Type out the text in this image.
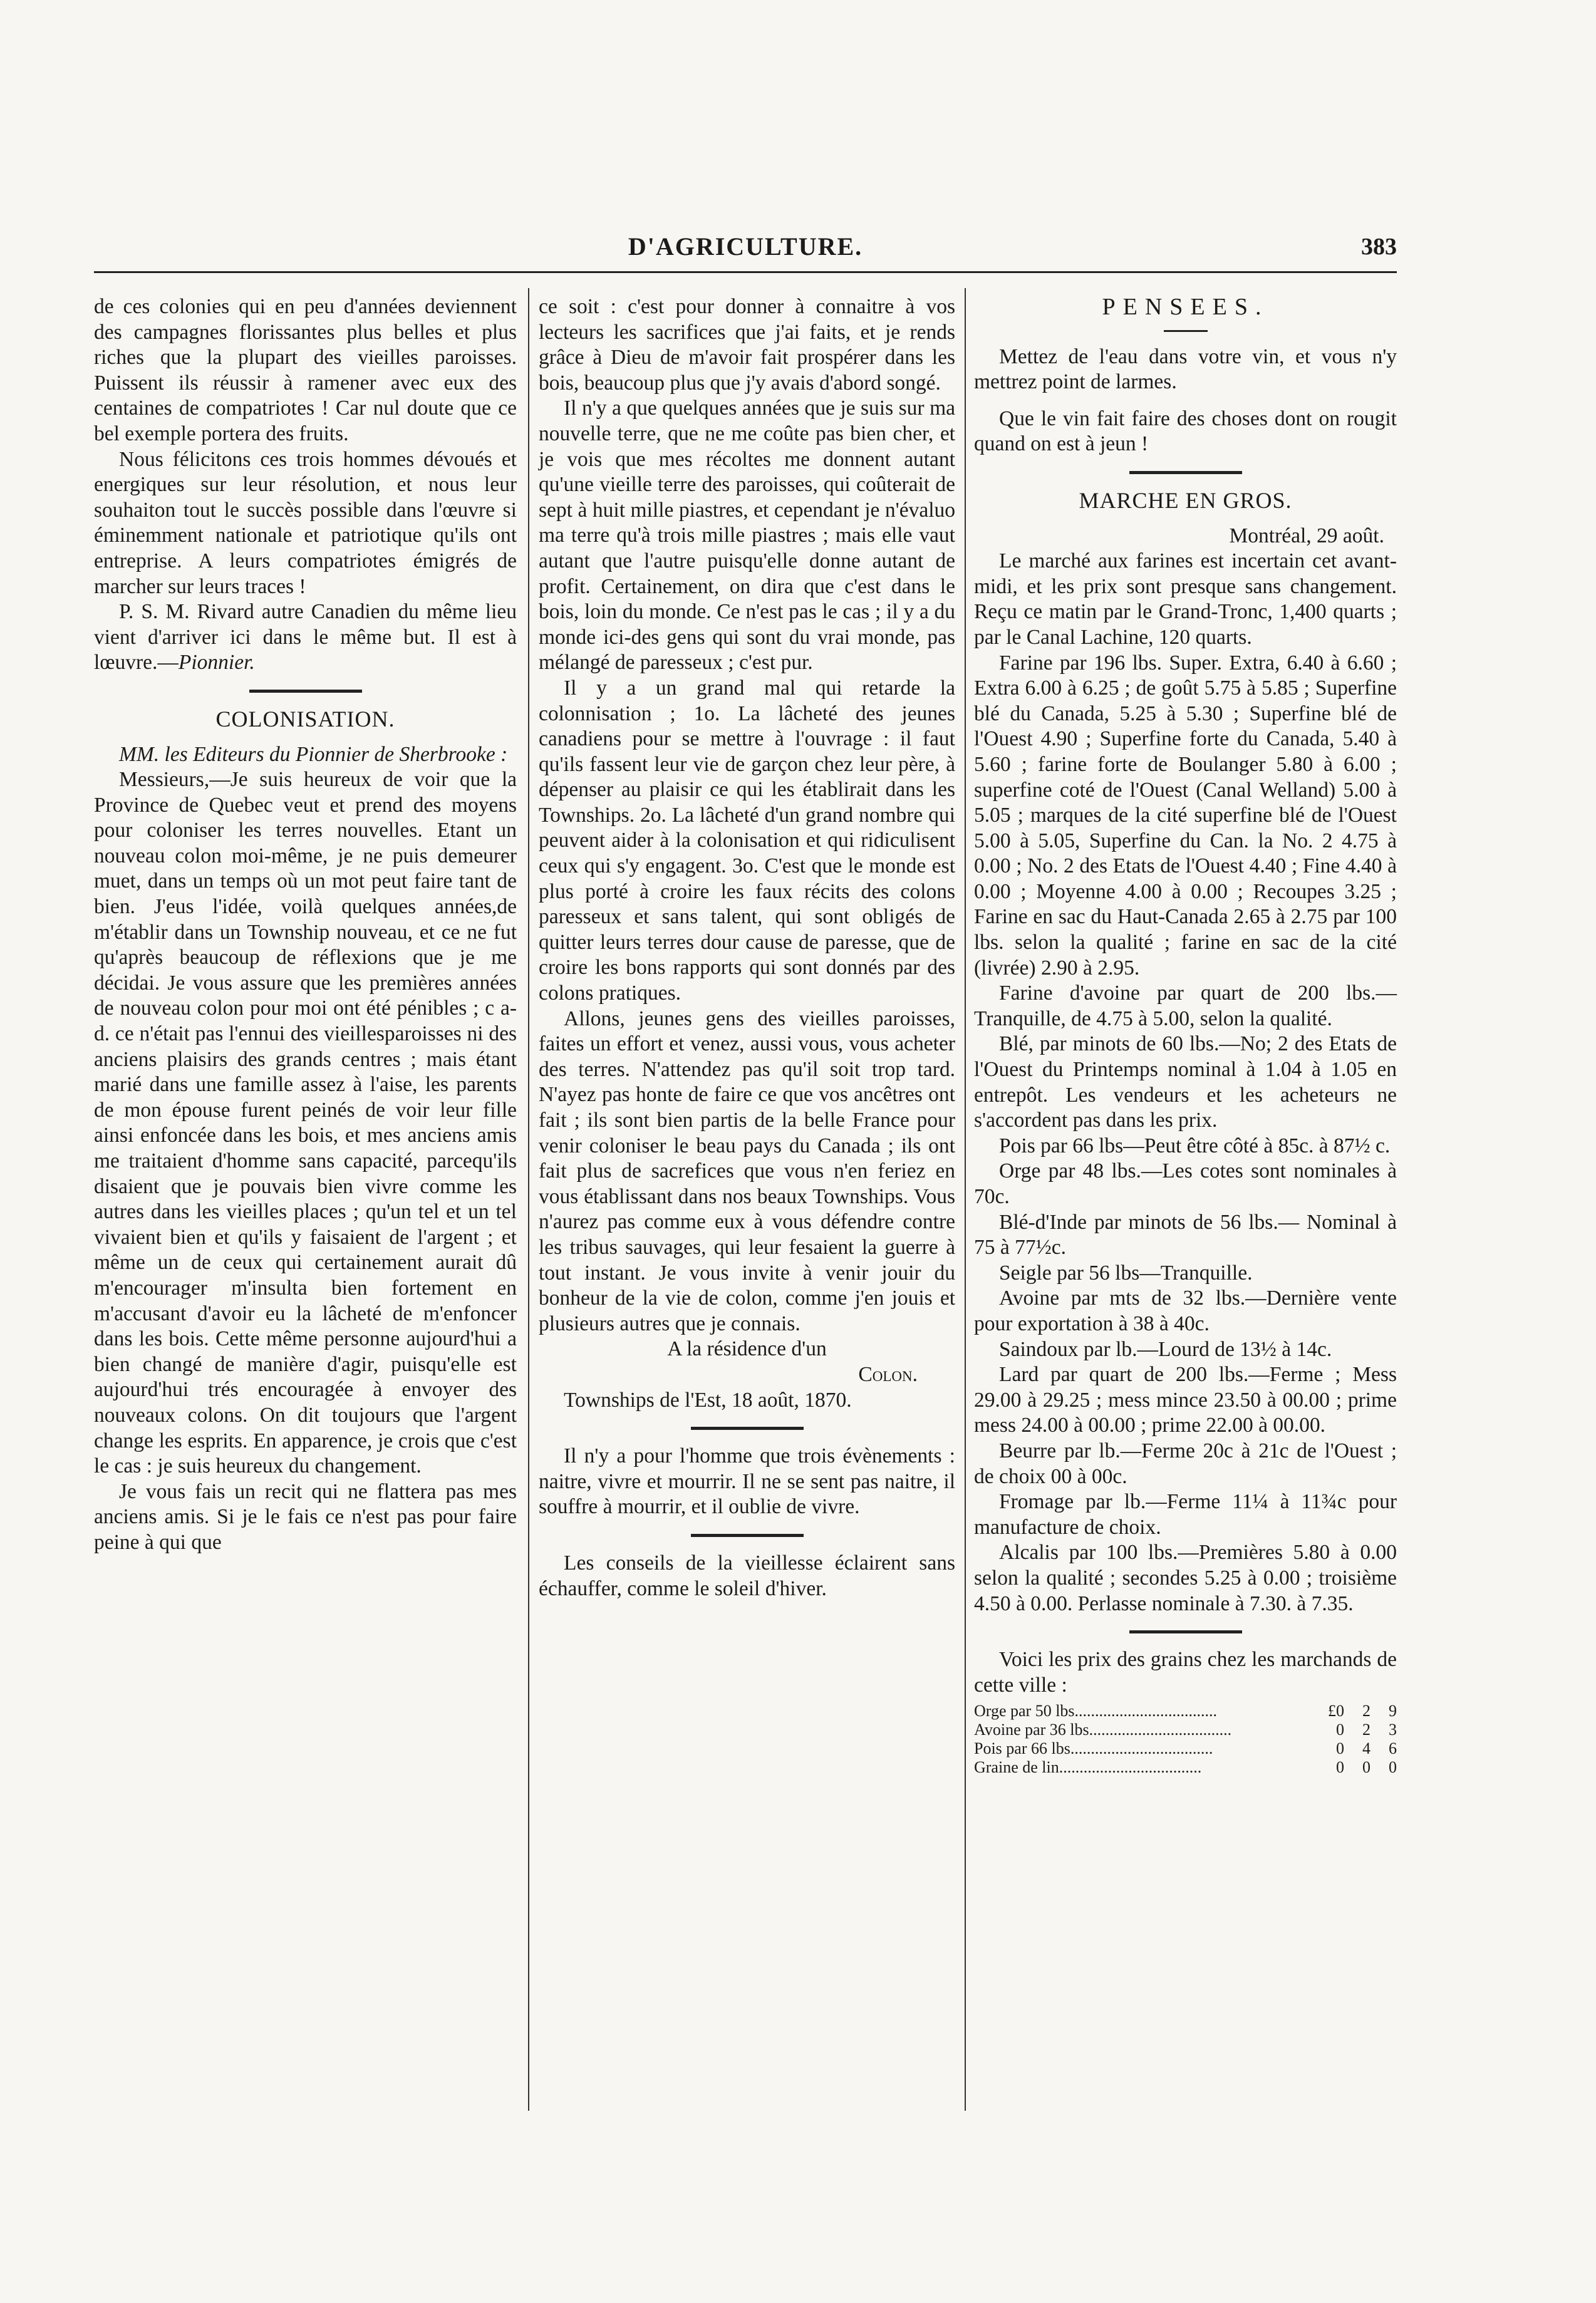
D'AGRICULTURE.	383

de ces colonies qui en peu d'années deviennent des campagnes florissantes plus belles et plus riches que la plupart des vieilles paroisses. Puissent ils réussir à ramener avec eux des centaines de compatriotes ! Car nul doute que ce bel exemple portera des fruits.

Nous félicitons ces trois hommes dévoués et energiques sur leur résolution, et nous leur souhaiton tout le succès possible dans l'œuvre si éminemment nationale et patriotique qu'ils ont entreprise. A leurs compatriotes émigrés de marcher sur leurs traces !

P. S. M. Rivard autre Canadien du même lieu vient d'arriver ici dans le même but. Il est à lœuvre.—Pionnier.

COLONISATION.

MM. les Editeurs du Pionnier de Sherbrooke :

Messieurs,—Je suis heureux de voir que la Province de Quebec veut et prend des moyens pour coloniser les terres nouvelles. Etant un nouveau colon moi-même, je ne puis demeurer muet, dans un temps où un mot peut faire tant de bien. J'eus l'idée, voilà quelques années,de m'établir dans un Township nouveau, et ce ne fut qu'après beaucoup de réflexions que je me décidai. Je vous assure que les premières années de nouveau colon pour moi ont été pénibles ; c a-d. ce n'était pas l'ennui des vieillesparoisses ni des anciens plaisirs des grands centres ; mais étant marié dans une famille assez à l'aise, les parents de mon épouse furent peinés de voir leur fille ainsi enfoncée dans les bois, et mes anciens amis me traitaient d'homme sans capacité, parcequ'ils disaient que je pouvais bien vivre comme les autres dans les vieilles places ; qu'un tel et un tel vivaient bien et qu'ils y faisaient de l'argent ; et même un de ceux qui certainement aurait dû m'encourager m'insulta bien fortement en m'accusant d'avoir eu la lâcheté de m'enfoncer dans les bois. Cette même personne aujourd'hui a bien changé de manière d'agir, puisqu'elle est aujourd'hui trés encouragée à envoyer des nouveaux colons. On dit toujours que l'argent change les esprits. En apparence, je crois que c'est le cas : je suis heureux du changement.

Je vous fais un recit qui ne flattera pas mes anciens amis. Si je le fais ce n'est pas pour faire peine à qui que

ce soit : c'est pour donner à connaitre à vos lecteurs les sacrifices que j'ai faits, et je rends grâce à Dieu de m'avoir fait prospérer dans les bois, beaucoup plus que j'y avais d'abord songé.

Il n'y a que quelques années que je suis sur ma nouvelle terre, que ne me coûte pas bien cher, et je vois que mes récoltes me donnent autant qu'une vieille terre des paroisses, qui coûterait de sept à huit mille piastres, et cependant je n'évaluo ma terre qu'à trois mille piastres ; mais elle vaut autant que l'autre puisqu'elle donne autant de profit. Certainement, on dira que c'est dans le bois, loin du monde. Ce n'est pas le cas ; il y a du monde ici-des gens qui sont du vrai monde, pas mélangé de paresseux ; c'est pur.

Il y a un grand mal qui retarde la colonnisation ; 1o. La lâcheté des jeunes canadiens pour se mettre à l'ouvrage : il faut qu'ils fassent leur vie de garçon chez leur père, à dépenser au plaisir ce qui les établirait dans les Townships. 2o. La lâcheté d'un grand nombre qui peuvent aider à la colonisation et qui ridiculisent ceux qui s'y engagent. 3o. C'est que le monde est plus porté à croire les faux récits des colons paresseux et sans talent, qui sont obligés de quitter leurs terres dour cause de paresse, que de croire les bons rapports qui sont donnés par des colons pratiques.

Allons, jeunes gens des vieilles paroisses, faites un effort et venez, aussi vous, vous acheter des terres. N'attendez pas qu'il soit trop tard. N'ayez pas honte de faire ce que vos ancêtres ont fait ; ils sont bien partis de la belle France pour venir coloniser le beau pays du Canada ; ils ont fait plus de sacrefices que vous n'en feriez en vous établissant dans nos beaux Townships. Vous n'aurez pas comme eux à vous défendre contre les tribus sauvages, qui leur fesaient la guerre à tout instant. Je vous invite à venir jouir du bonheur de la vie de colon, comme j'en jouis et plusieurs autres que je connais.

A la résidence d'un
Colon.

Townships de l'Est, 18 août, 1870.

Il n'y a pour l'homme que trois évènements : naitre, vivre et mourrir. Il ne se sent pas naitre, il souffre à mourrir, et il oublie de vivre.

Les conseils de la vieillesse éclairent sans échauffer, comme le soleil d'hiver.

PENSEES.

Mettez de l'eau dans votre vin, et vous n'y mettrez point de larmes.

Que le vin fait faire des choses dont on rougit quand on est à jeun !

MARCHE EN GROS.
Montréal, 29 août.

Le marché aux farines est incertain cet avant-midi, et les prix sont presque sans changement. Reçu ce matin par le Grand-Tronc, 1,400 quarts ; par le Canal Lachine, 120 quarts.

Farine par 196 lbs. Super. Extra, 6.40 à 6.60 ; Extra 6.00 à 6.25 ; de goût 5.75 à 5.85 ; Superfine blé du Canada, 5.25 à 5.30 ; Superfine blé de l'Ouest 4.90 ; Superfine forte du Canada, 5.40 à 5.60 ; farine forte de Boulanger 5.80 à 6.00 ; superfine coté de l'Ouest (Canal Welland) 5.00 à 5.05 ; marques de la cité superfine blé de l'Ouest 5.00 à 5.05, Superfine du Can. la No. 2 4.75 à 0.00 ; No. 2 des Etats de l'Ouest 4.40 ; Fine 4.40 à 0.00 ; Moyenne 4.00 à 0.00 ; Recoupes 3.25 ; Farine en sac du Haut-Canada 2.65 à 2.75 par 100 lbs. selon la qualité ; farine en sac de la cité (livrée) 2.90 à 2.95.

Farine d'avoine par quart de 200 lbs.—Tranquille, de 4.75 à 5.00, selon la qualité.

Blé, par minots de 60 lbs.—No; 2 des Etats de l'Ouest du Printemps nominal à 1.04 à 1.05 en entrepôt. Les vendeurs et les acheteurs ne s'accordent pas dans les prix.

Pois par 66 lbs—Peut être côté à 85c. à 87½ c.

Orge par 48 lbs.—Les cotes sont nominales à 70c.

Blé-d'Inde par minots de 56 lbs.— Nominal à 75 à 77½c.

Seigle par 56 lbs—Tranquille.

Avoine par mts de 32 lbs.—Dernière vente pour exportation à 38 à 40c.

Saindoux par lb.—Lourd de 13½ à 14c.

Lard par quart de 200 lbs.—Ferme ; Mess 29.00 à 29.25 ; mess mince 23.50 à 00.00 ; prime mess 24.00 à 00.00 ; prime 22.00 à 00.00.

Beurre par lb.—Ferme 20c à 21c de l'Ouest ; de choix 00 à 00c.

Fromage par lb.—Ferme 11¼ à 11¾c pour manufacture de choix.

Alcalis par 100 lbs.—Premières 5.80 à 0.00 selon la qualité ; secondes 5.25 à 0.00 ; troisième 4.50 à 0.00. Perlasse nominale à 7.30. à 7.35.

Voici les prix des grains chez les marchands de cette ville :

Orge par 50 lbs...................................	£0	2	9
Avoine par 36 lbs...................................	0	2	3
Pois par 66 lbs...................................	0	4	6
Graine de lin...................................	0	0	0
